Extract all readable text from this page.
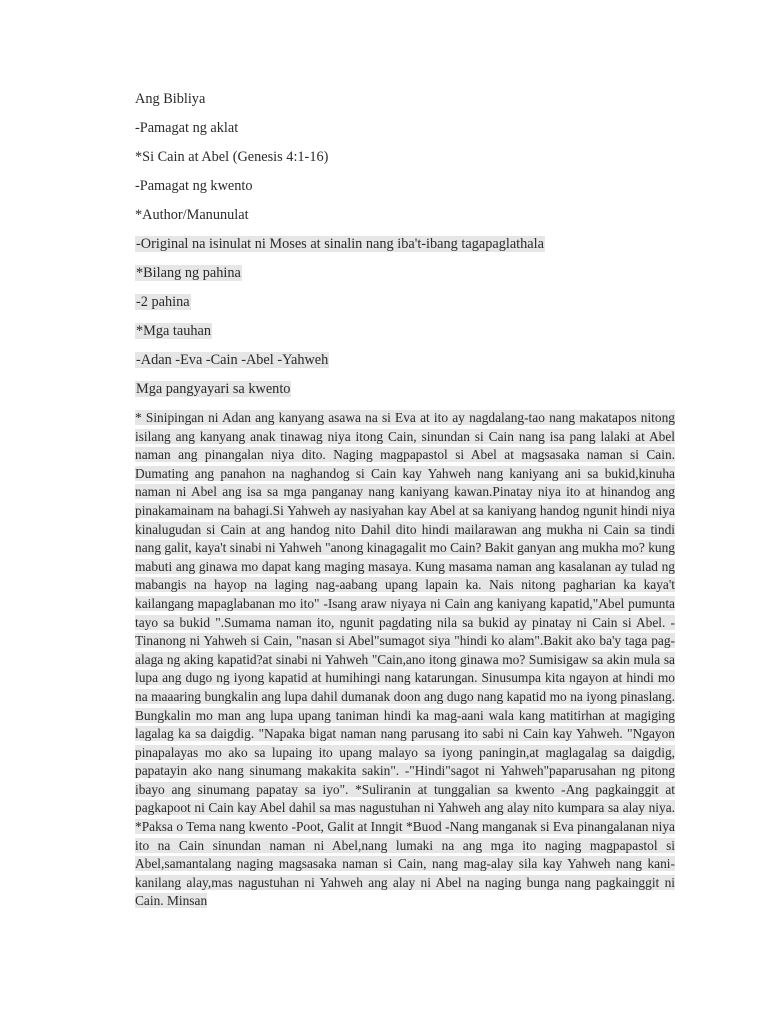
Ang Bibliya
-Pamagat ng aklat
*Si Cain at Abel (Genesis 4:1-16)
-Pamagat ng kwento
*Author/Manunulat
-Original na isinulat ni Moses at sinalin nang iba't-ibang tagapaglathala
*Bilang ng pahina
-2 pahina
*Mga tauhan
-Adan -Eva -Cain -Abel -Yahweh
Mga pangyayari sa kwento
* Sinipingan ni Adan ang kanyang asawa na si Eva at ito ay nagdalang-tao nang makatapos nitong isilang ang kanyang anak tinawag niya itong Cain, sinundan si Cain nang isa pang lalaki at Abel naman ang pinangalan niya dito. Naging magpapastol si Abel at magsasaka naman si Cain. Dumating ang panahon na naghandog si Cain kay Yahweh nang kaniyang ani sa bukid,kinuha naman ni Abel ang isa sa mga panganay nang kaniyang kawan.Pinatay niya ito at hinandog ang pinakamainam na bahagi.Si Yahweh ay nasiyahan kay Abel at sa kaniyang handog ngunit hindi niya kinalugudan si Cain at ang handog nito Dahil dito hindi mailarawan ang mukha ni Cain sa tindi nang galit, kaya't sinabi ni Yahweh "anong kinagagalit mo Cain? Bakit ganyan ang mukha mo? kung mabuti ang ginawa mo dapat kang maging masaya. Kung masama naman ang kasalanan ay tulad ng mabangis na hayop na laging nag-aabang upang lapain ka. Nais nitong pagharian ka kaya't kailangang mapaglabanan mo ito" -Isang araw niyaya ni Cain ang kaniyang kapatid,"Abel pumunta tayo sa bukid ".Sumama naman ito, ngunit pagdating nila sa bukid ay pinatay ni Cain si Abel. -Tinanong ni Yahweh si Cain, "nasan si Abel"sumagot siya "hindi ko alam".Bakit ako ba'y taga pag-alaga ng aking kapatid?at sinabi ni Yahweh "Cain,ano itong ginawa mo? Sumisigaw sa akin mula sa lupa ang dugo ng iyong kapatid at humihingi nang katarungan. Sinusumpa kita ngayon at hindi mo na maaaring bungkalin ang lupa dahil dumanak doon ang dugo nang kapatid mo na iyong pinaslang. Bungkalin mo man ang lupa upang taniman hindi ka mag-aani wala kang matitirhan at magiging lagalag ka sa daigdig. "Napaka bigat naman nang parusang ito sabi ni Cain kay Yahweh. "Ngayon pinapalayas mo ako sa lupaing ito upang malayo sa iyong paningin,at maglagalag sa daigdig, papatayin ako nang sinumang makakita sakin". -"Hindi"sagot ni Yahweh"paparusahan ng pitong ibayo ang sinumang papatay sa iyo". *Suliranin at tunggalian sa kwento -Ang pagkainggit at pagkapoot ni Cain kay Abel dahil sa mas nagustuhan ni Yahweh ang alay nito kumpara sa alay niya. *Paksa o Tema nang kwento -Poot, Galit at Inngit *Buod -Nang manganak si Eva pinangalanan niya ito na Cain sinundan naman ni Abel,nang lumaki na ang mga ito naging magpapastol si Abel,samantalang naging magsasaka naman si Cain, nang mag-alay sila kay Yahweh nang kani-kanilang alay,mas nagustuhan ni Yahweh ang alay ni Abel na naging bunga nang pagkainggit ni Cain. Minsan
